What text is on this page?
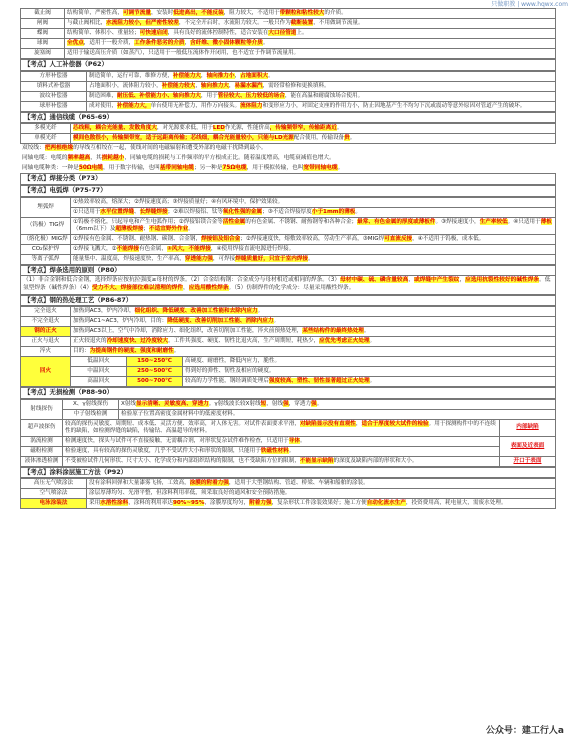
只做职教 | www.hqwx.com
截止阀	结构简单，严密性高，可调节流量，安装时低进高出，不能反装，阻力较大，不适用于带颗粒和粘性较大的介质。
闸阀	与截止阀相比，水流阻力较小，但严密性较差，不完全开启时，水流阻力较大。一般只作为截断装置，不用做调节流量。
蝶阀	结构简单、体积小、重量轻；可快速启闭，具有良好的流体控制特性，适合安装在大口径管道上。
球阀	全优点，适用于一般介质，工作条件恶劣的介质，含纤维、微小固体颗粒等介质。
旋塞阀	适用于输送高压介质（如蒸汽），只适用于一般低压流体作开闭用，也不适宜于作调节流量用。
【考点】人工补偿器（P62）
方形补偿器	制造简单，运行可靠，维修方便，补偿能力大，轴向推力小，占地面积大。
填料式补偿器	占地面积小，流体阻力较小，补偿能力较大，轴向推力大，易漏水漏汽，需经常检修和更换填料。
波纹补偿器	制造困难，耐压低、补偿能力小、轴向推力大，用于管径较大、压力较低的场合，能在高温和耐腐蚀场合使用。
球形补偿器	成对使用，补偿能力大，单台使用无补偿力，用作万向接头。流体阻力和变形应力小，对固定支座的作用力小，防止因地基产生不均匀下沉或震动等意外原因对管道产生的破坏。
【考点】通信线缆（P65-69）
多模光纤	芯线粗，耦合光能量、发散角度大，对光源要求低，用于LED作光源，性能价高，传输频带窄，传输距离近。
单模光纤	模间色散很小，传输频带宽，适于远距离传输；芯线细，耦合光能量较小，只能与LD光源配合使用，传输设备贵。
双绞线：把两根绝缘的导线互相绞在一起，使线对间的电磁辐射和遭受外部的电磁干扰降到最小。
同轴电缆：电缆的频率越高，其损耗越小，同轴电缆的损耗与工作频率的平方根成正比。随着温度增高，电缆衰减值也增大。
同轴电缆种类：一种是50Ω电缆，用于数字传输，也叫基带同轴电缆；另一种是75Ω电缆，用于模拟传输，也叫宽带同轴电缆。
【考点】焊接分类（P73）
【考点】电弧焊（P75-77）
埋弧焊	①热效率较高，熔深大；②焊接速度高；③焊接质量好；④有风环境中，保护效果较。
	①只适用于水平位置焊缝、长焊缝焊接；②难以焊接铝、钛等氧化性强的金属；③不适合焊接厚度小于1mm的薄板。
（钨极）TIG焊	①钨极不熔化，只起导电和产生电弧作用；②焊接铝镁合金等活性金属的有色金属、不锈钢、耐热钢等和各种合金；最常、有色金属的厚度或薄板件。③焊接速度小，生产率较低。④只适用于薄板（6mm以下）及超薄板焊接；不适宜野外作业。
（熔化极）MIG焊	①焊接有色金属、不锈钢、耐热钢、碳钢、合金钢，焊接铝及铝合金；②焊接速度快，熔敷效率较高，劳动生产率高，③MIG焊可直流反接，④不适用于钨极，成本低。
CO₂保护焊	①焊接飞溅大，②不能焊接有色金属，③风大，不能焊接，④使用焊接直流电源进行焊接。
等离子弧焊	能量集中、温度高，焊接速度快，生产率高，穿透能力强，可焊接焊缝质量好，只宜于室内焊接。
【考点】焊条选用的原则（P80）
（1）非合金钢和低合金钢，选择焊条应按抗拉强度≥母材的焊条。（2）合金结构钢：合金成分与母材相近或相同的焊条。（3）母材中碳、硫、磷含量较高，或焊缝中产生裂纹，应选用抗裂性较好的碱性焊条。低氢型焊条（碱性焊条）（4）受力不大、焊接部位难以清理的焊件，应选用酸性焊条。（5）仿制焊件的化学成分：尽量采用酸性焊条。
【考点】钢的热处理工艺（P86-87）
完全退火	加热到AC3，炉内冷却，细化组织、降低硬度、改善加工性能和去除内应力。		
不完全退火	加热到AC1~AC3，炉内冷却，目的：降低硬度、改善切削加工性能、消除内应力。		
钢的正火	加热到AC3以上，空气中冷却，消除应力、细化组织，改善切削加工性能，淬火前预热处理，某些结构件的最终热处理。		
正火与退火	正火较退火的冷却速度快、过冷度较大。工件其强度、硬度、韧性比退火高，生产周期短，耗热少，应优先考虑正火处理。		
淬火	目的：为提高钢件的硬度、强度和耐磨性。		
回火	低温回火	150~250℃	高硬度、耐磨性，降低内应力，脆性。
	中温回火	250~500℃	得到好的弹性、韧性及相应的硬度。
	高温回火	500~700℃	较高的力学性能，钢经调质处理后强度较高、塑性、韧性显著超过正火处理。
【考点】无损检测（P88-90）
射线探伤	X、γ射线探伤	X射线显示清晰、灵敏度高、穿透力。γ射线波长较X射线短，射线强，穿透力强。	
	中子射线检测	检验原子位置高密度金属材料中的低密度材料。	
超声波探伤	较高的探伤灵敏度、周期短、成本低、灵活方便、效率高，对人体无害。对试件表面要求平滑，对缺陷显示没有直观性，适合于厚度较大试件的检验。用于探测构件中的不连续性的缺陷，如检测焊缝的缺陷，传输钻、高温超导的材料。		内部缺陷
涡流检测	检测速度快，探头与试件可不直接接触，无需耦合剂，对形状复杂试件难作检查，只适用于导体。		表面及近表面
磁粉检测	检验速度，具有较高的探伤灵敏度，几乎不受试件大小和形状的限制，只能用于铁磁性材料。		
液体渗透检测	不受被检试件几何形状、尺寸大小、化学成分和内部组织结构的限制，也不受缺陷方位的限制，不能显示缺陷的深度及缺陷内部的形状和大小。		开口于表面
【考点】涂料涂层施工方法（P92）
高压无气喷涂法	没有涂料回弹和大量漆雾飞扬，工效高，涂膜的附着力强，适用于大型钢结构、管道、桥梁、车辆和船舶的涂装。
空气喷涂法	涂层厚薄均匀、光滑平整，但涂料利用率低，须采取良好的通风和安全预防措施。
电泳涂装法	采用水溶性涂料，涂料的利用率达90%~95%，涂膜厚度均匀，附着力强，复杂形状工件涂装效果好；施工方便自动化流水生产，投资费用高，耗电量大，需废水处理。
公众号：建工行人a
